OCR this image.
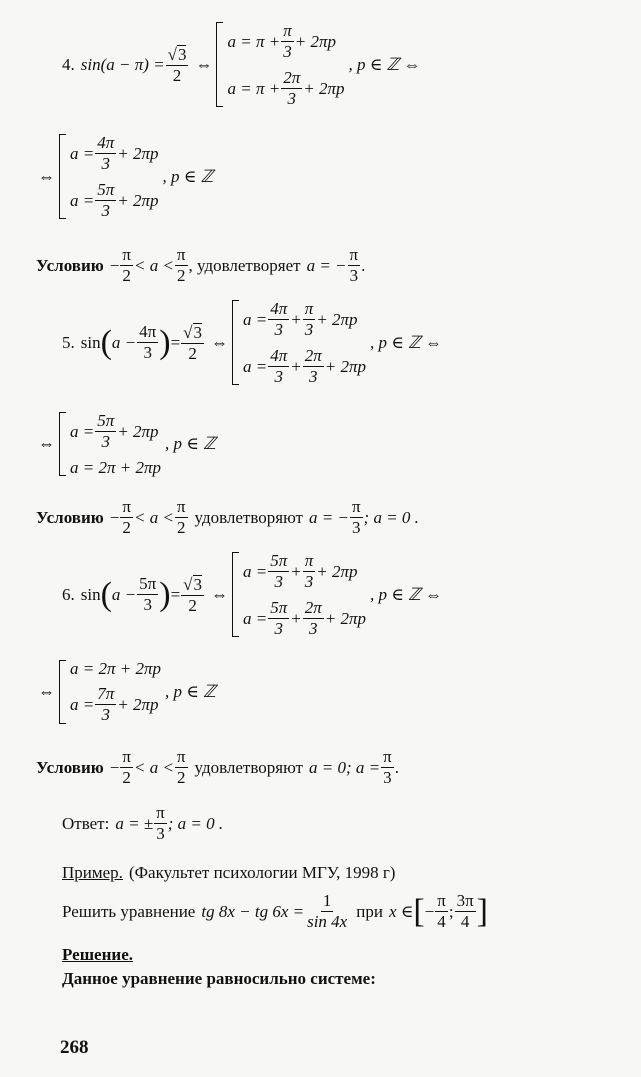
4. $\sin(a - \pi) = \frac{√ 3}{2}$ ⇔
$a = \pi + \frac{\pi}{3} + 2\pi p$
$a = \pi + \frac{2\pi}{3} + 2\pi p$
, p ∈ ℤ ⇔
⇔
$a = \frac{4\pi}{3} + 2\pi p$
$a = \frac{5\pi}{3} + 2\pi p$
, p ∈ ℤ
Условию − $\frac{\pi}{2} < a$ <
π
2
, удовлетворяет a = − $\frac{\pi}{3}$ .
5. sin ( $a - \frac{4\pi}{3}$ ) = $\frac{√ 3}{2}$ ⇔
$a = \frac{4\pi}{3} + \frac{\pi}{3} + 2\pi p$
$a = \frac{4\pi}{3} + \frac{2\pi}{3} + 2\pi p$
, p ∈ ℤ ⇔
⇔
$a = \frac{5\pi}{3} + 2\pi p$
a = 2π + 2πp
, p ∈ ℤ
Условию − $\frac{\pi}{2} < a$ <
π
2
удовлетворяют a = − $\frac{\pi}{3}$ ; a = 0 .
6. sin ( $a - \frac{5\pi}{3}$ ) = $\frac{√ 3}{2}$ ⇔
$a = \frac{5\pi}{3} + \frac{\pi}{3} + 2\pi p$
$a = \frac{5\pi}{3} + \frac{2\pi}{3} + 2\pi p$
, p ∈ ℤ ⇔
⇔
a = 2π + 2πp
$a = \frac{7\pi}{3} + 2\pi p$
, p ∈ ℤ
Условию − $\frac{\pi}{2} < a$ <
π
2
удовлетворяют a = 0; $a = \frac{\pi}{3}$ .
Ответ: a = ± $\frac{\pi}{3}$ ; a = 0 .
Пример. (Факультет психологии МГУ, 1998 г)
Решить уравнение tg 8x − tg $6x = \frac{1}{\sin 4x}$ при x ∈ [ − $\frac{\pi}{4}$ ;
3π
4 ]
Решение.
Данное уравнение равносильно системе:
268
